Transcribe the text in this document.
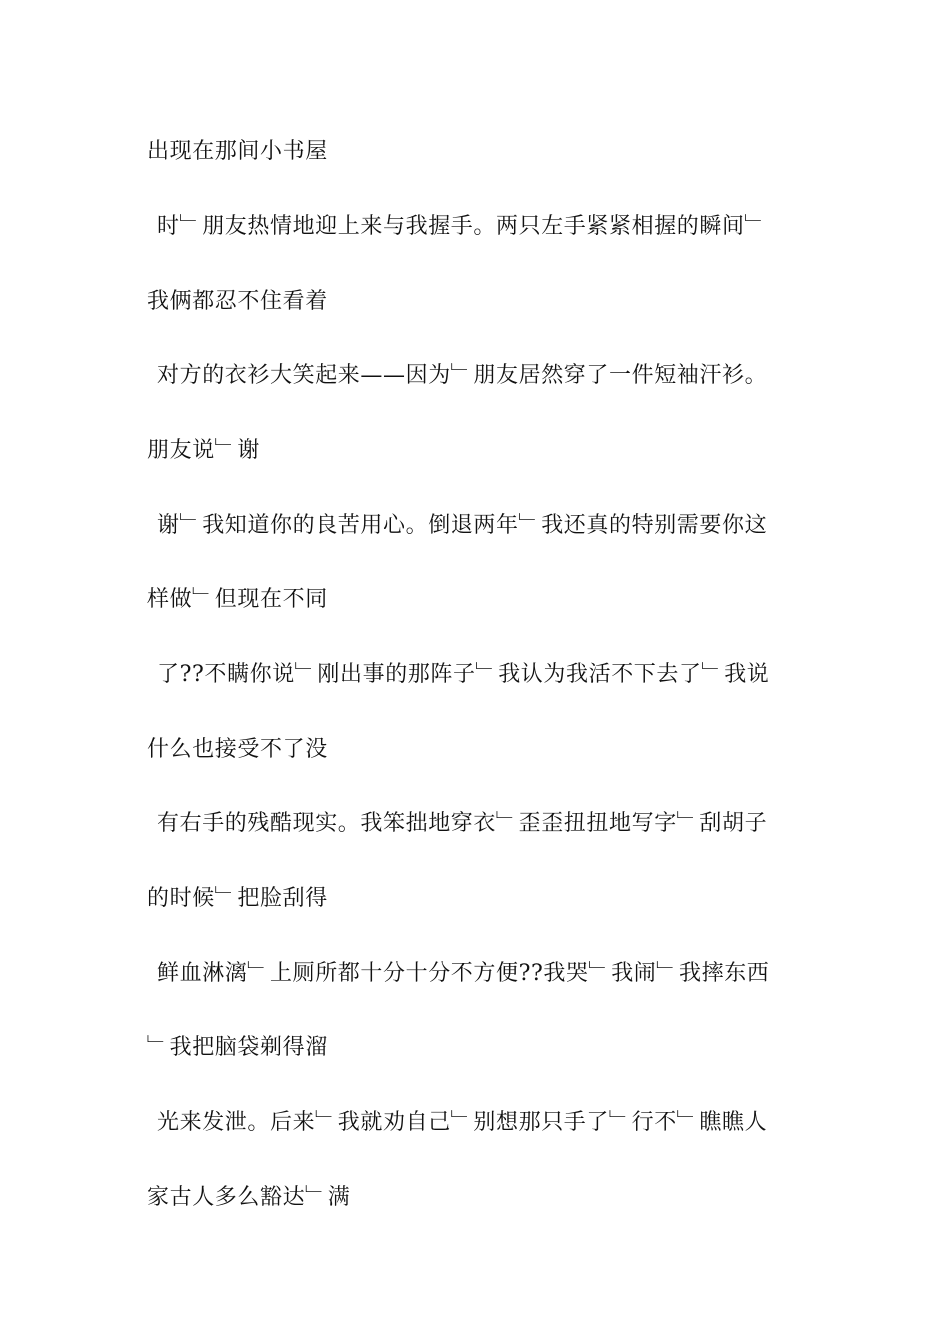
出现在那间小书屋
时﹂朋友热情地迎上来与我握手。两只左手紧紧相握的瞬间﹂
我俩都忍不住看着
对方的衣衫大笑起来——因为﹂朋友居然穿了一件短袖汗衫。
朋友说﹂谢
谢﹂我知道你的良苦用心。倒退两年﹂我还真的特别需要你这
样做﹂但现在不同
了??不瞒你说﹂刚出事的那阵子﹂我认为我活不下去了﹂我说
什么也接受不了没
有右手的残酷现实。我笨拙地穿衣﹂歪歪扭扭地写字﹂刮胡子
的时候﹂把脸刮得
鲜血淋漓﹂上厕所都十分十分不方便??我哭﹂我闹﹂我摔东西
﹂我把脑袋剃得溜
光来发泄。后来﹂我就劝自己﹂别想那只手了﹂行不﹂瞧瞧人
家古人多么豁达﹂满
